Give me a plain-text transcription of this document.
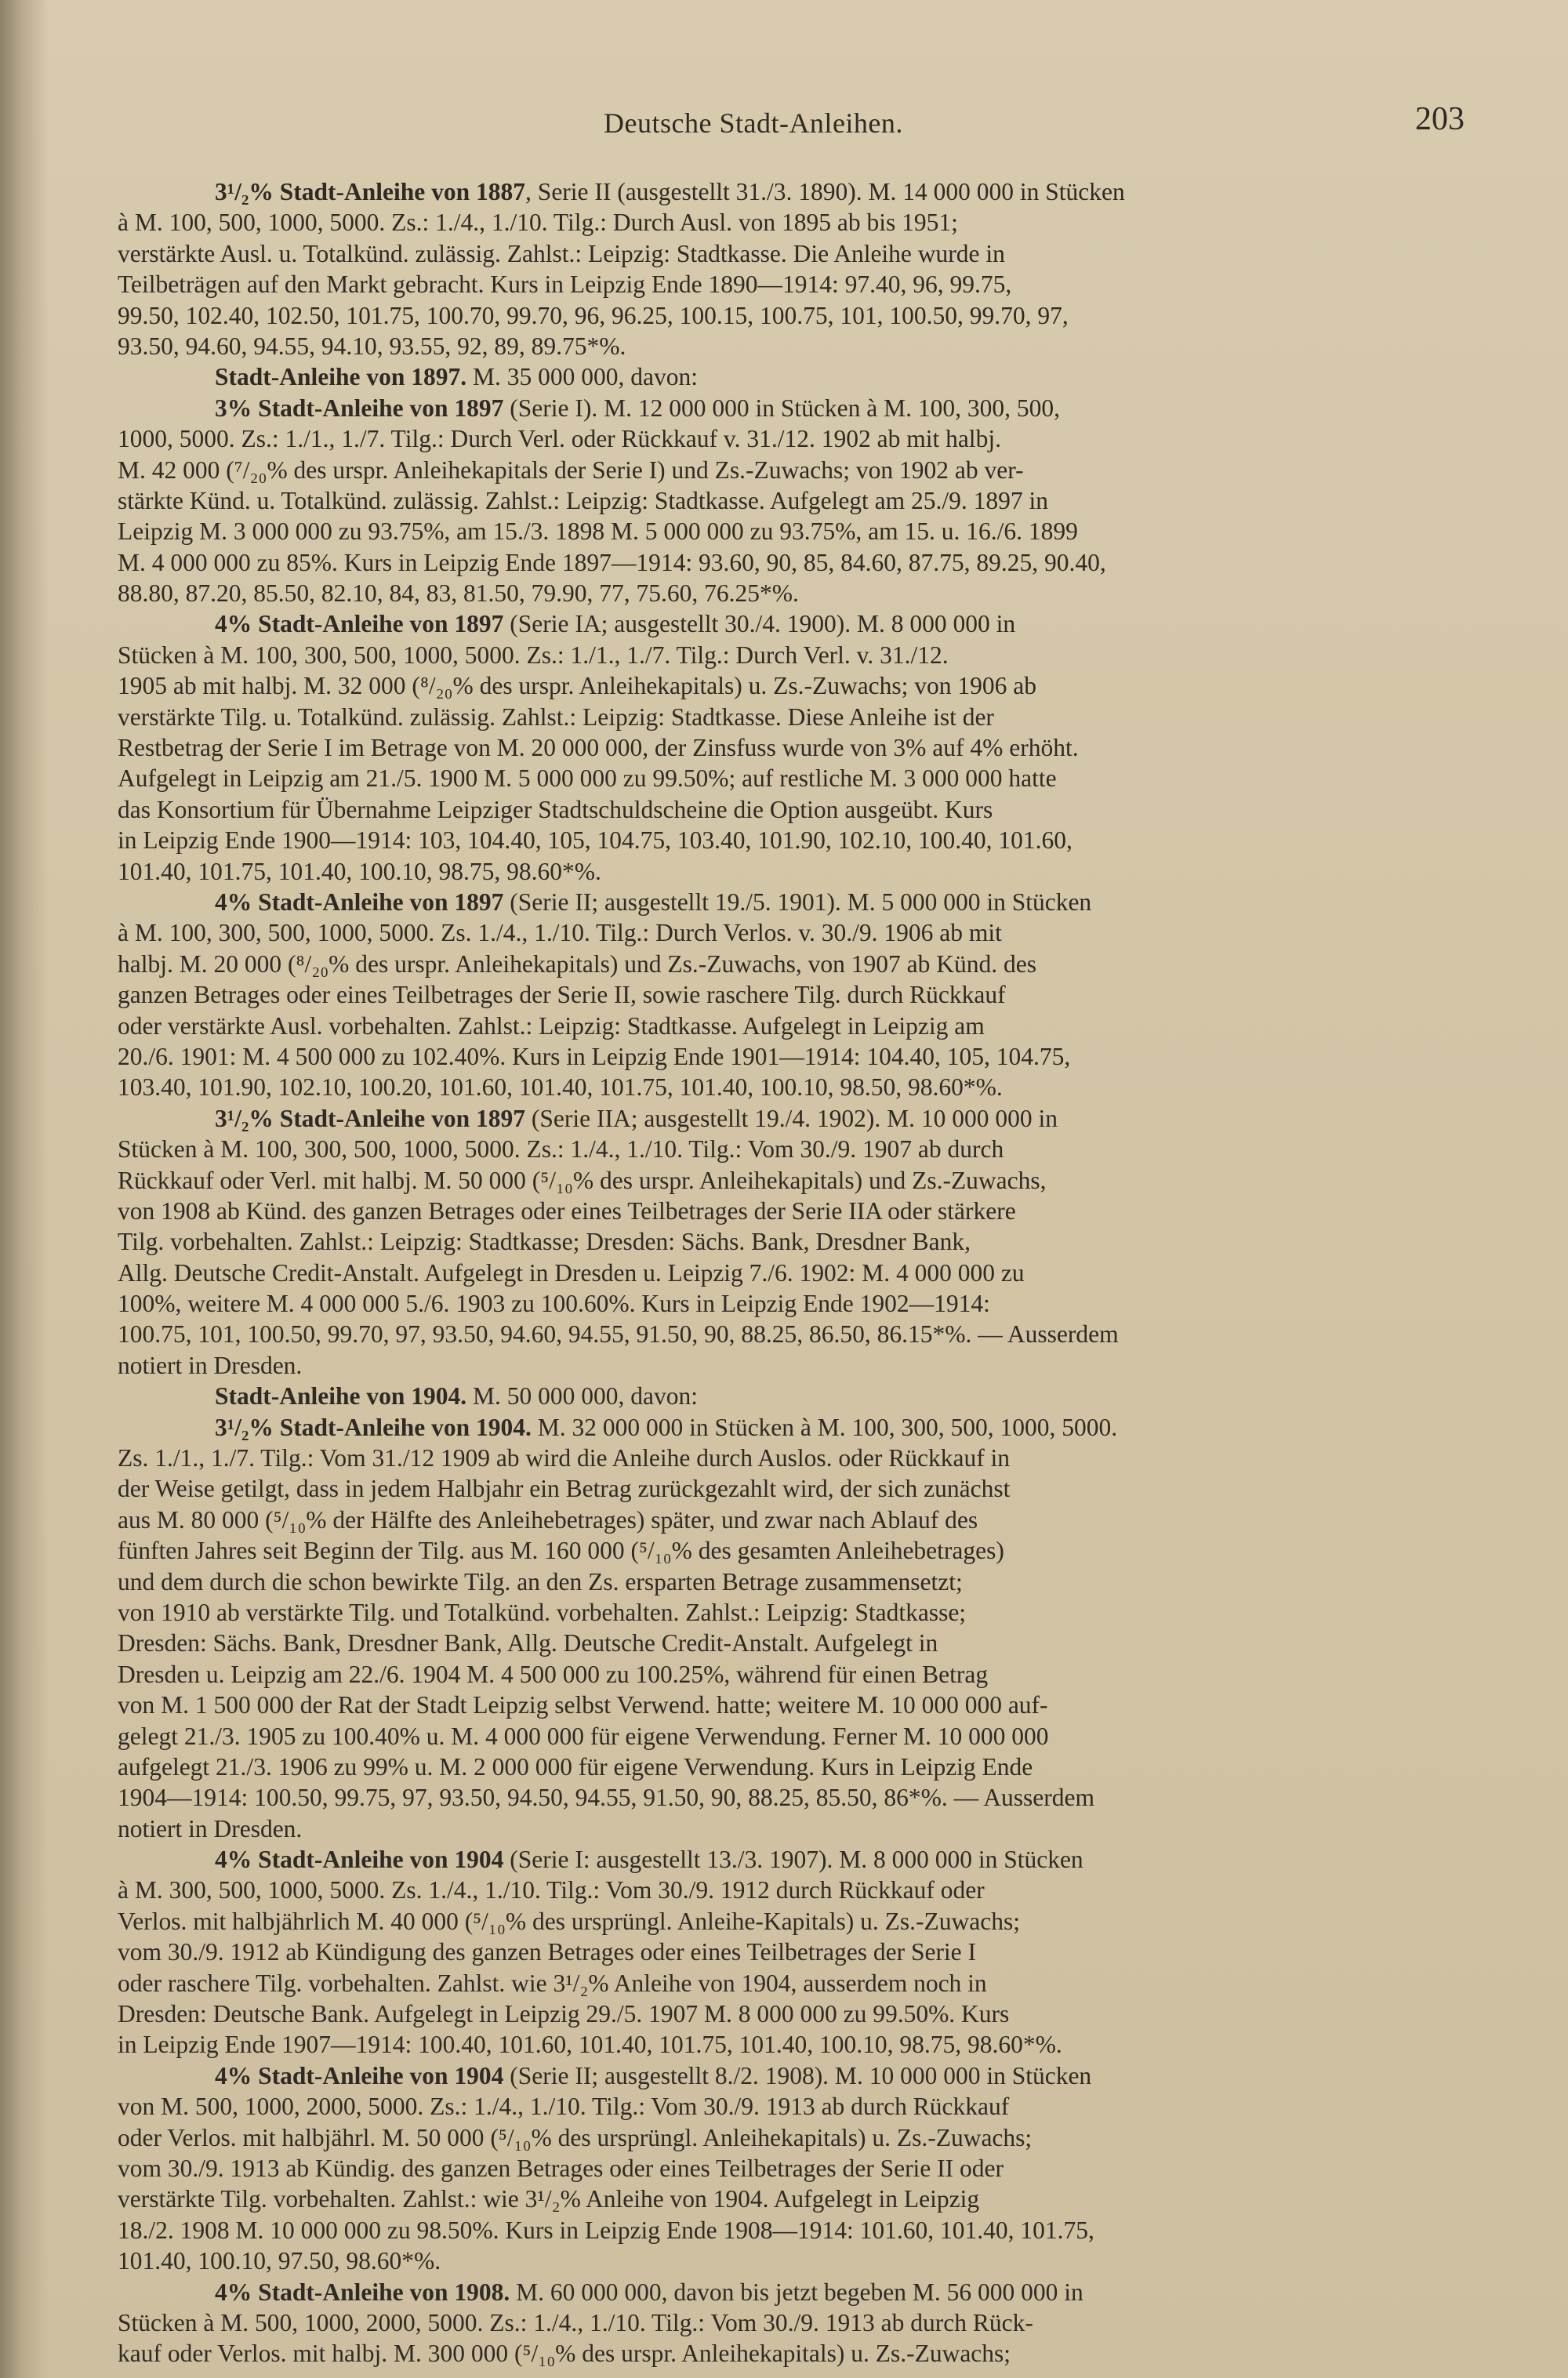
Deutsche Stadt-Anleihen.	203
3¹/₂% Stadt-Anleihe von 1887, Serie II (ausgestellt 31./3. 1890). M. 14 000 000 in Stücken
à M. 100, 500, 1000, 5000. Zs.: 1./4., 1./10. Tilg.: Durch Ausl. von 1895 ab bis 1951;
verstärkte Ausl. u. Totalkünd. zulässig. Zahlst.: Leipzig: Stadtkasse. Die Anleihe wurde in
Teilbeträgen auf den Markt gebracht. Kurs in Leipzig Ende 1890—1914: 97.40, 96, 99.75,
99.50, 102.40, 102.50, 101.75, 100.70, 99.70, 96, 96.25, 100.15, 100.75, 101, 100.50, 99.70, 97,
93.50, 94.60, 94.55, 94.10, 93.55, 92, 89, 89.75*%.
Stadt-Anleihe von 1897. M. 35 000 000, davon:
3% Stadt-Anleihe von 1897 (Serie I). M. 12 000 000 in Stücken à M. 100, 300, 500,
1000, 5000. Zs.: 1./1., 1./7. Tilg.: Durch Verl. oder Rückkauf v. 31./12. 1902 ab mit halbj.
M. 42 000 (⁷/₂₀% des urspr. Anleihekapitals der Serie I) und Zs.-Zuwachs; von 1902 ab ver-
stärkte Künd. u. Totalkünd. zulässig. Zahlst.: Leipzig: Stadtkasse. Aufgelegt am 25./9. 1897 in
Leipzig M. 3 000 000 zu 93.75%, am 15./3. 1898 M. 5 000 000 zu 93.75%, am 15. u. 16./6. 1899
M. 4 000 000 zu 85%. Kurs in Leipzig Ende 1897—1914: 93.60, 90, 85, 84.60, 87.75, 89.25, 90.40,
88.80, 87.20, 85.50, 82.10, 84, 83, 81.50, 79.90, 77, 75.60, 76.25*%.
4% Stadt-Anleihe von 1897 (Serie IA; ausgestellt 30./4. 1900). M. 8 000 000 in
Stücken à M. 100, 300, 500, 1000, 5000. Zs.: 1./1., 1./7. Tilg.: Durch Verl. v. 31./12.
1905 ab mit halbj. M. 32 000 (⁸/₂₀% des urspr. Anleihekapitals) u. Zs.-Zuwachs; von 1906 ab
verstärkte Tilg. u. Totalkünd. zulässig. Zahlst.: Leipzig: Stadtkasse. Diese Anleihe ist der
Restbetrag der Serie I im Betrage von M. 20 000 000, der Zinsfuss wurde von 3% auf 4% erhöht.
Aufgelegt in Leipzig am 21./5. 1900 M. 5 000 000 zu 99.50%; auf restliche M. 3 000 000 hatte
das Konsortium für Übernahme Leipziger Stadtschuldscheine die Option ausgeübt. Kurs
in Leipzig Ende 1900—1914: 103, 104.40, 105, 104.75, 103.40, 101.90, 102.10, 100.40, 101.60,
101.40, 101.75, 101.40, 100.10, 98.75, 98.60*%.
4% Stadt-Anleihe von 1897 (Serie II; ausgestellt 19./5. 1901). M. 5 000 000 in Stücken
à M. 100, 300, 500, 1000, 5000. Zs. 1./4., 1./10. Tilg.: Durch Verlos. v. 30./9. 1906 ab mit
halbj. M. 20 000 (⁸/₂₀% des urspr. Anleihekapitals) und Zs.-Zuwachs, von 1907 ab Künd. des
ganzen Betrages oder eines Teilbetrages der Serie II, sowie raschere Tilg. durch Rückkauf
oder verstärkte Ausl. vorbehalten. Zahlst.: Leipzig: Stadtkasse. Aufgelegt in Leipzig am
20./6. 1901: M. 4 500 000 zu 102.40%. Kurs in Leipzig Ende 1901—1914: 104.40, 105, 104.75,
103.40, 101.90, 102.10, 100.20, 101.60, 101.40, 101.75, 101.40, 100.10, 98.50, 98.60*%.
3¹/₂% Stadt-Anleihe von 1897 (Serie IIA; ausgestellt 19./4. 1902). M. 10 000 000 in
Stücken à M. 100, 300, 500, 1000, 5000. Zs.: 1./4., 1./10. Tilg.: Vom 30./9. 1907 ab durch
Rückkauf oder Verl. mit halbj. M. 50 000 (⁵/₁₀% des urspr. Anleihekapitals) und Zs.-Zuwachs,
von 1908 ab Künd. des ganzen Betrages oder eines Teilbetrages der Serie IIA oder stärkere
Tilg. vorbehalten. Zahlst.: Leipzig: Stadtkasse; Dresden: Sächs. Bank, Dresdner Bank,
Allg. Deutsche Credit-Anstalt. Aufgelegt in Dresden u. Leipzig 7./6. 1902: M. 4 000 000 zu
100%, weitere M. 4 000 000 5./6. 1903 zu 100.60%. Kurs in Leipzig Ende 1902—1914:
100.75, 101, 100.50, 99.70, 97, 93.50, 94.60, 94.55, 91.50, 90, 88.25, 86.50, 86.15*%. — Ausserdem
notiert in Dresden.
Stadt-Anleihe von 1904. M. 50 000 000, davon:
3¹/₂% Stadt-Anleihe von 1904. M. 32 000 000 in Stücken à M. 100, 300, 500, 1000, 5000.
Zs. 1./1., 1./7. Tilg.: Vom 31./12 1909 ab wird die Anleihe durch Auslos. oder Rückkauf in
der Weise getilgt, dass in jedem Halbjahr ein Betrag zurückgezahlt wird, der sich zunächst
aus M. 80 000 (⁵/₁₀% der Hälfte des Anleihebetrages) später, und zwar nach Ablauf des
fünften Jahres seit Beginn der Tilg. aus M. 160 000 (⁵/₁₀% des gesamten Anleihebetrages)
und dem durch die schon bewirkte Tilg. an den Zs. ersparten Betrage zusammensetzt;
von 1910 ab verstärkte Tilg. und Totalkünd. vorbehalten. Zahlst.: Leipzig: Stadtkasse;
Dresden: Sächs. Bank, Dresdner Bank, Allg. Deutsche Credit-Anstalt. Aufgelegt in
Dresden u. Leipzig am 22./6. 1904 M. 4 500 000 zu 100.25%, während für einen Betrag
von M. 1 500 000 der Rat der Stadt Leipzig selbst Verwend. hatte; weitere M. 10 000 000 auf-
gelegt 21./3. 1905 zu 100.40% u. M. 4 000 000 für eigene Verwendung. Ferner M. 10 000 000
aufgelegt 21./3. 1906 zu 99% u. M. 2 000 000 für eigene Verwendung. Kurs in Leipzig Ende
1904—1914: 100.50, 99.75, 97, 93.50, 94.50, 94.55, 91.50, 90, 88.25, 85.50, 86*%. — Ausserdem
notiert in Dresden.
4% Stadt-Anleihe von 1904 (Serie I: ausgestellt 13./3. 1907). M. 8 000 000 in Stücken
à M. 300, 500, 1000, 5000. Zs. 1./4., 1./10. Tilg.: Vom 30./9. 1912 durch Rückkauf oder
Verlos. mit halbjährlich M. 40 000 (⁵/₁₀% des ursprüngl. Anleihe-Kapitals) u. Zs.-Zuwachs;
vom 30./9. 1912 ab Kündigung des ganzen Betrages oder eines Teilbetrages der Serie I
oder raschere Tilg. vorbehalten. Zahlst. wie 3¹/₂% Anleihe von 1904, ausserdem noch in
Dresden: Deutsche Bank. Aufgelegt in Leipzig 29./5. 1907 M. 8 000 000 zu 99.50%. Kurs
in Leipzig Ende 1907—1914: 100.40, 101.60, 101.40, 101.75, 101.40, 100.10, 98.75, 98.60*%.
4% Stadt-Anleihe von 1904 (Serie II; ausgestellt 8./2. 1908). M. 10 000 000 in Stücken
von M. 500, 1000, 2000, 5000. Zs.: 1./4., 1./10. Tilg.: Vom 30./9. 1913 ab durch Rückkauf
oder Verlos. mit halbjährl. M. 50 000 (⁵/₁₀% des ursprüngl. Anleihekapitals) u. Zs.-Zuwachs;
vom 30./9. 1913 ab Kündig. des ganzen Betrages oder eines Teilbetrages der Serie II oder
verstärkte Tilg. vorbehalten. Zahlst.: wie 3¹/₂% Anleihe von 1904. Aufgelegt in Leipzig
18./2. 1908 M. 10 000 000 zu 98.50%. Kurs in Leipzig Ende 1908—1914: 101.60, 101.40, 101.75,
101.40, 100.10, 97.50, 98.60*%.
4% Stadt-Anleihe von 1908. M. 60 000 000, davon bis jetzt begeben M. 56 000 000 in
Stücken à M. 500, 1000, 2000, 5000. Zs.: 1./4., 1./10. Tilg.: Vom 30./9. 1913 ab durch Rück-
kauf oder Verlos. mit halbj. M. 300 000 (⁵/₁₀% des urspr. Anleihekapitals) u. Zs.-Zuwachs;
